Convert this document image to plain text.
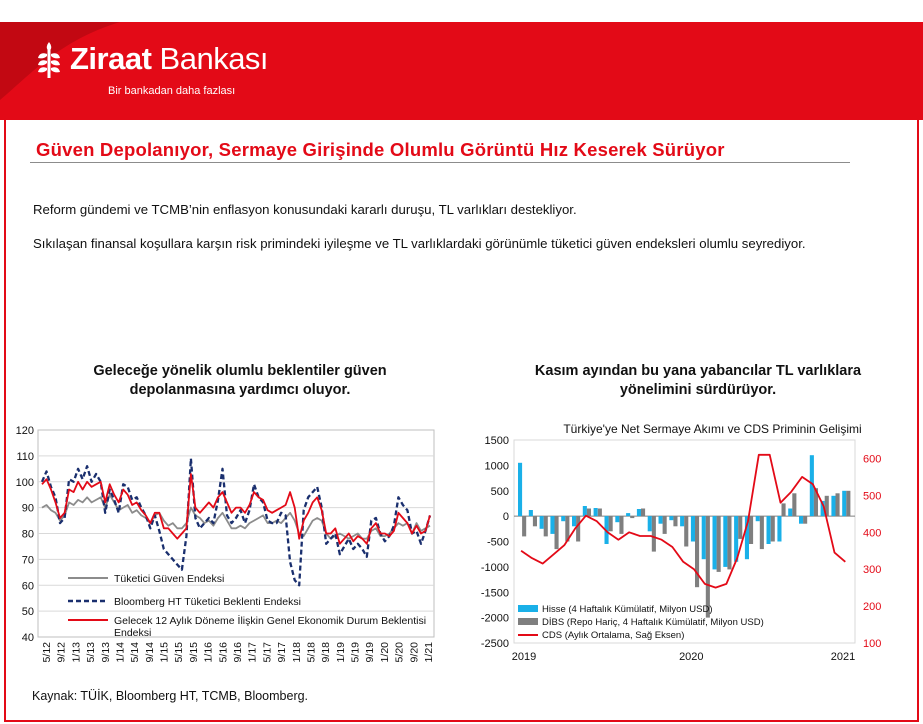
Ziraat Bankası
Bir bankadan daha fazlası
Güven Depolanıyor, Sermaye Girişinde Olumlu Görüntü Hız Keserek Sürüyor
Reform gündemi ve TCMB’nin enflasyon konusundaki kararlı duruşu, TL varlıkları destekliyor.
Sıkılaşan finansal koşullara karşın risk primindeki iyileşme ve TL varlıklardaki görünümle tüketici güven endeksleri olumlu seyrediyor.
Geleceğe yönelik olumlu beklentiler güven
depolanmasına yardımcı oluyor.
Kasım ayından bu yana yabancılar TL varlıklara
yönelimini sürdürüyor.
40
50
60
70
80
90
100
110
120
5/12 9/12 1/13 5/13 9/13 1/14 5/14 9/14 1/15 5/15 9/15 1/16 5/16 9/16 1/17 5/17 9/17 1/18 5/18 9/18 1/19 5/19 9/19 1/20 5/20 9/20 1/21
Tüketici Güven Endeksi
Bloomberg HT Tüketici Beklenti Endeksi
Gelecek 12 Aylık Döneme İlişkin Genel Ekonomik Durum Beklentisi
Endeksi
Türkiye'ye Net Sermaye Akımı ve CDS Priminin Gelişimi
-2500
-2000
-1500
-1000
-500
0
500
1000
1500
100
200
300
400
500
600
2019	2020	2021
Hisse (4 Haftalık Kümülatif, Milyon USD)
DİBS (Repo Hariç, 4 Haftalık Kümülatif, Milyon USD)
CDS (Aylık Ortalama, Sağ Eksen)
Kaynak: TÜİK, Bloomberg HT, TCMB, Bloomberg.
